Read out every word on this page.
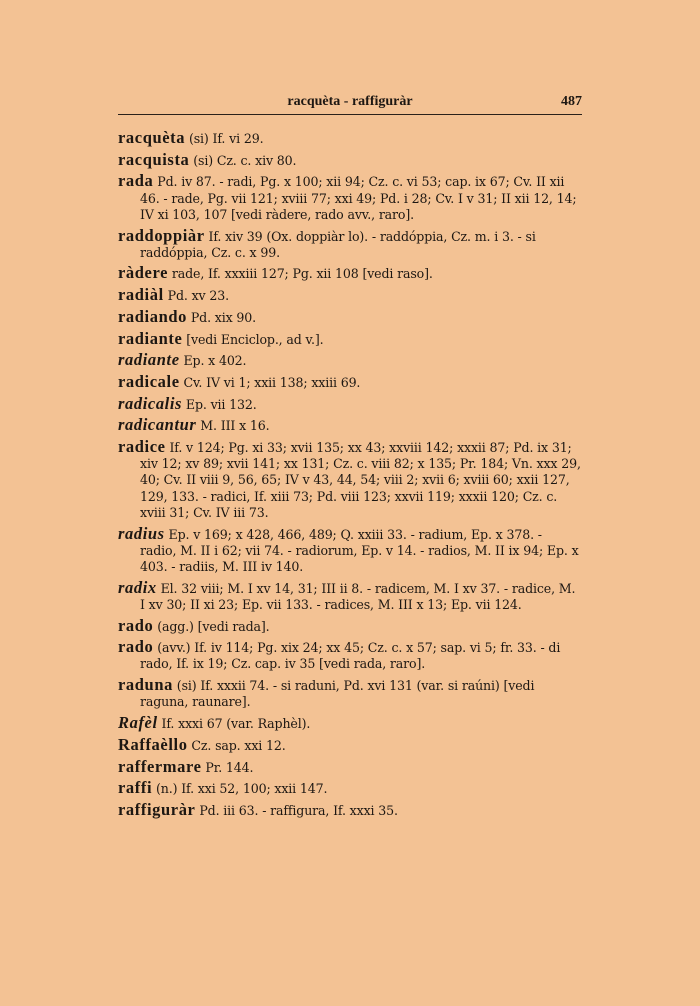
racquèta - raffiguràr	487

racquèta (si) If. vi 29.

racquista (si) Cz. c. xiv 80.

rada Pd. iv 87. - radi, Pg. x 100; xii 94; Cz. c. vi 53; cap. ix 67; Cv. II xii 46. - rade, Pg. vii 121; xviii 77; xxi 49; Pd. i 28; Cv. I v 31; II xii 12, 14; IV xi 103, 107 [vedi ràdere, rado avv., raro].

raddoppiàr If. xiv 39 (Ox. doppiàr lo). - raddóppia, Cz. m. i 3. - si raddóppia, Cz. c. x 99.

ràdere rade, If. xxxiii 127; Pg. xii 108 [vedi raso].

radiàl Pd. xv 23.

radiando Pd. xix 90.

radiante [vedi Enciclop., ad v.].

radiante Ep. x 402.

radicale Cv. IV vi 1; xxii 138; xxiii 69.

radicalis Ep. vii 132.

radicantur M. III x 16.

radice If. v 124; Pg. xi 33; xvii 135; xx 43; xxviii 142; xxxii 87; Pd. ix 31; xiv 12; xv 89; xvii 141; xx 131; Cz. c. viii 82; x 135; Pr. 184; Vn. xxx 29, 40; Cv. II viii 9, 56, 65; IV v 43, 44, 54; viii 2; xvii 6; xviii 60; xxii 127, 129, 133. - radici, If. xiii 73; Pd. viii 123; xxvii 119; xxxii 120; Cz. c. xviii 31; Cv. IV iii 73.

radius Ep. v 169; x 428, 466, 489; Q. xxiii 33. - radium, Ep. x 378. - radio, M. II i 62; vii 74. - radiorum, Ep. v 14. - radios, M. II ix 94; Ep. x 403. - radiis, M. III iv 140.

radix El. 32 viii; M. I xv 14, 31; III ii 8. - radicem, M. I xv 37. - radice, M. I xv 30; II xi 23; Ep. vii 133. - radices, M. III x 13; Ep. vii 124.

rado (agg.) [vedi rada].

rado (avv.) If. iv 114; Pg. xix 24; xx 45; Cz. c. x 57; sap. vi 5; fr. 33. - di rado, If. ix 19; Cz. cap. iv 35 [vedi rada, raro].

raduna (si) If. xxxii 74. - si raduni, Pd. xvi 131 (var. si raúni) [vedi raguna, raunare].

Rafèl If. xxxi 67 (var. Raphèl).

Raffaèllo Cz. sap. xxi 12.

raffermare Pr. 144.

raffi (n.) If. xxi 52, 100; xxii 147.

raffiguràr Pd. iii 63. - raffigura, If. xxxi 35.
